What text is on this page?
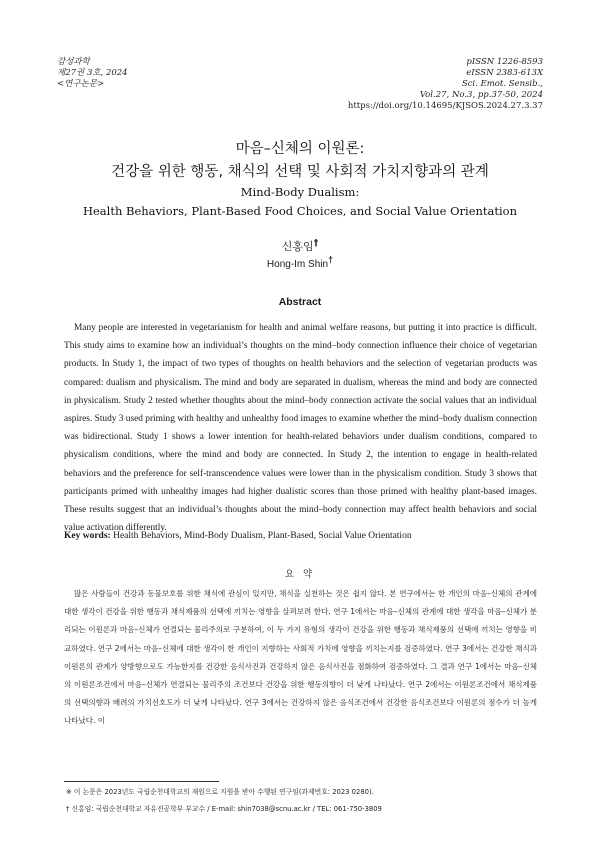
감성과학
제27권 3호, 2024
<연구논문>
pISSN 1226-8593
eISSN 2383-613X
Sci. Emot. Sensib.,
Vol.27, No.3, pp.37-50, 2024
https://doi.org/10.14695/KJSOS.2024.27.3.37
마음–신체의 이원론:
건강을 위한 행동, 채식의 선택 및 사회적 가치지향과의 관계
Mind-Body Dualism:
Health Behaviors, Plant-Based Food Choices, and Social Value Orientation
신홍임†
Hong-Im Shin†
Abstract

Many people are interested in vegetarianism for health and animal welfare reasons, but putting it into practice is difficult. This study aims to examine how an individual’s thoughts on the mind–body connection influence their choice of vegetarian products. In Study 1, the impact of two types of thoughts on health behaviors and the selection of vegetarian products was compared: dualism and physicalism. The mind and body are separated in dualism, whereas the mind and body are connected in physicalism. Study 2 tested whether thoughts about the mind–body connection activate the social values that an individual aspires. Study 3 used priming with healthy and unhealthy food images to examine whether the mind–body dualism connection was bidirectional. Study 1 shows a lower intention for health-related behaviors under dualism conditions, compared to physicalism conditions, where the mind and body are connected. In Study 2, the intention to engage in health-related behaviors and the preference for self-transcendence values were lower than in the physicalism condition. Study 3 shows that participants primed with unhealthy images had higher dualistic scores than those primed with healthy plant-based images. These results suggest that an individual’s thoughts about the mind–body connection may affect health behaviors and social value activation differently.

Key words: Health Behaviors, Mind-Body Dualism, Plant-Based, Social Value Orientation
요 약

많은 사람들이 건강과 동물보호를 위한 채식에 관심이 있지만, 채식을 실천하는 것은 쉽지 않다. 본 연구에서는 한 개인의 마음–신체의 관계에 대한 생각이 건강을 위한 행동과 채식제품의 선택에 끼치는 영향을 살펴보려 한다. 연구 1에서는 마음–신체의 관계에 대한 생각을 마음–신체가 분리되는 이원론과 마음–신체가 연결되는 물리주의로 구분하여, 이 두 가지 유형의 생각이 건강을 위한 행동과 채식제품의 선택에 끼치는 영향을 비교하였다. 연구 2에서는 마음–신체에 대한 생각이 한 개인이 지향하는 사회적 가치에 영향을 끼치는지를 검증하였다. 연구 3에서는 건강한 채식과 이원론의 관계가 양방향으로도 가능한지를 건강한 음식사진과 건강하지 않은 음식사진을 점화하여 검증하였다. 그 결과 연구 1에서는 마음–신체의 이원론조건에서 마음–신체가 연결되는 물리주의 조건보다 건강을 위한 행동의향이 더 낮게 나타났다. 연구 2에서는 이원론조건에서 채식제품의 선택의향과 배려의 가치선호도가 더 낮게 나타났다. 연구 3에서는 건강하지 않은 음식조건에서 건강한 음식조건보다 이원론의 점수가 더 높게 나타났다. 이

※ 이 논문은 2023년도 국립순천대학교의 재원으로 지원을 받아 수행된 연구임(과제번호: 2023 0280).
† 신홍임: 국립순천대학교 자유전공학부 부교수 / E-mail: shin7038@scnu.ac.kr / TEL: 061-750-3809
